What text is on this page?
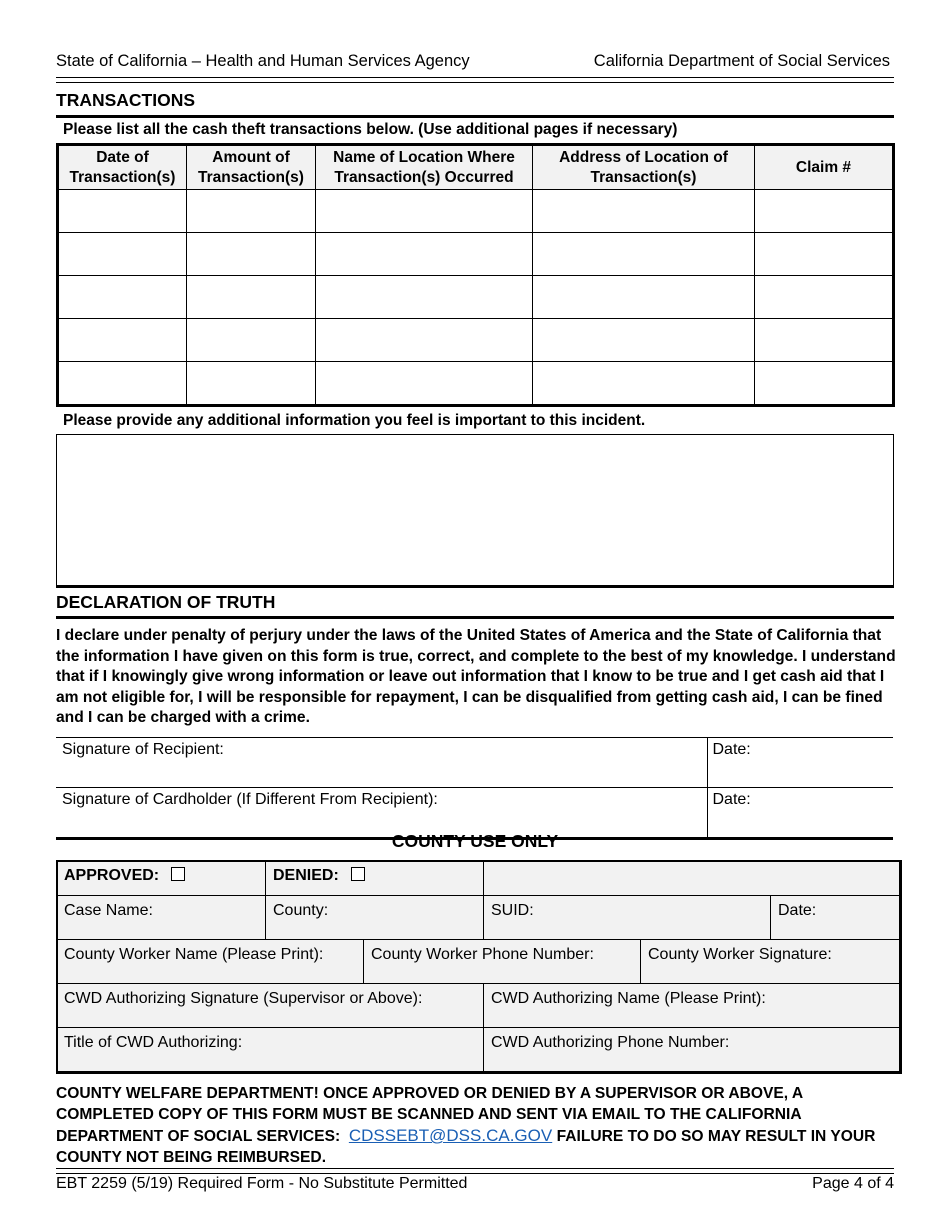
State of California – Health and Human Services Agency	California Department of Social Services
TRANSACTIONS
Please list all the cash theft transactions below. (Use additional pages if necessary)
Date of Transaction(s)	Amount of Transaction(s)	Name of Location Where Transaction(s) Occurred	Address of Location of Transaction(s)	Claim #

Please provide any additional information you feel is important to this incident.
DECLARATION OF TRUTH
I declare under penalty of perjury under the laws of the United States of America and the State of California that the information I have given on this form is true, correct, and complete to the best of my knowledge. I understand that if I knowingly give wrong information or leave out information that I know to be true and I get cash aid that I am not eligible for, I will be responsible for repayment, I can be disqualified from getting cash aid, I can be fined and I can be charged with a crime.
Signature of Recipient:	Date:
Signature of Cardholder (If Different From Recipient):	Date:
COUNTY USE ONLY
APPROVED:	DENIED:	
Case Name:	County:	SUID:	Date:
County Worker Name (Please Print):	County Worker Phone Number:	County Worker Signature:
CWD Authorizing Signature (Supervisor or Above):	CWD Authorizing Name (Please Print):
Title of CWD Authorizing:	CWD Authorizing Phone Number:
COUNTY WELFARE DEPARTMENT! ONCE APPROVED OR DENIED BY A SUPERVISOR OR ABOVE, A COMPLETED COPY OF THIS FORM MUST BE SCANNED AND SENT VIA EMAIL TO THE CALIFORNIA DEPARTMENT OF SOCIAL SERVICES: CDSSEBT@DSS.CA.GOV FAILURE TO DO SO MAY RESULT IN YOUR COUNTY NOT BEING REIMBURSED.
EBT 2259 (5/19) Required Form - No Substitute Permitted	Page 4 of 4
